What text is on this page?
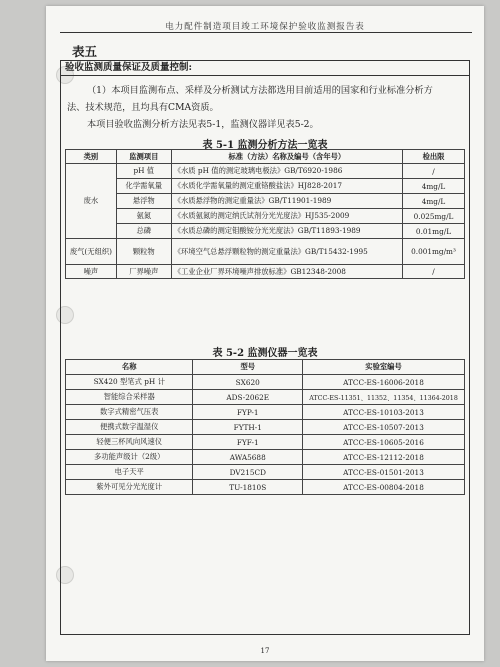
电力配件制造项目竣工环境保护验收监测报告表
表五
验收监测质量保证及质量控制:
（1）本项目监测布点、采样及分析测试方法都选用目前适用的国家和行业标准分析方
法、技术规范，且均具有CMA资质。
本项目验收监测分析方法见表5-1，监测仪器详见表5-2。
表 5-1 监测分析方法一览表
类别	监测项目	标准（方法）名称及编号（含年号）	检出限
废水	pH 值	《水质 pH 值的测定玻璃电极法》GB/T6920-1986	/
	化学需氧量	《水质化学需氧量的测定重铬酸盐法》HJ828-2017	4mg/L
	悬浮物	《水质悬浮物的测定重量法》GB/T11901-1989	4mg/L
	氨氮	《水质氨氮的测定纳氏试剂分光光度法》HJ535-2009	0.025mg/L
	总磷	《水质总磷的测定钼酸铵分光光度法》GB/T11893-1989	0.01mg/L
废气(无组织)	颗粒物	《环境空气总悬浮颗粒物的测定重量法》GB/T15432-1995	0.001mg/m³
噪声	厂界噪声	《工业企业厂界环境噪声排放标准》GB12348-2008	/
表 5-2 监测仪器一览表
名称	型号	实验室编号
SX420 型笔式 pH 计	SX620	ATCC-ES-16006-2018
智能综合采样器	ADS-2062E	ATCC-ES-11351、11352、11354、11364-2018
数字式精密气压表	FYP-1	ATCC-ES-10103-2013
便携式数字温湿仪	FYTH-1	ATCC-ES-10507-2013
轻便三杯风向风速仪	FYF-1	ATCC-ES-10605-2016
多功能声级计（2级）	AWA5688	ATCC-ES-12112-2018
电子天平	DV215CD	ATCC-ES-01501-2013
紫外可见分光光度计	TU-1810S	ATCC-ES-00804-2018
17
